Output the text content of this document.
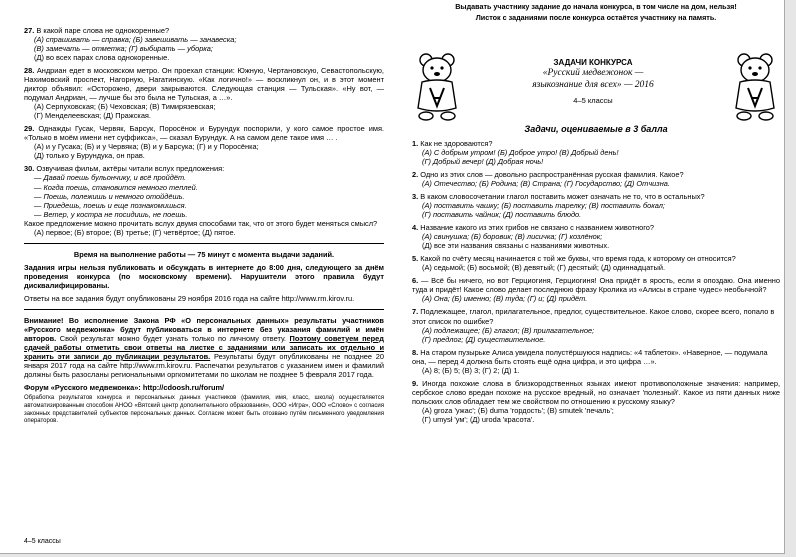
27. В какой паре слова не однокоренные?
(А) спрашивать — справка; (Б) завешивать — занавеска;
(В) замечать — отметка; (Г) выбирать — уборка;
(Д) во всех парах слова однокоренные.
28. Андриан едет в московском метро. Он проехал станции: Южную, Чертановскую, Севастопольскую, Нахимовский проспект, Нагорную, Нагатинскую. «Как логично!» — воскликнул он, и в этот момент диктор объявил: «Осторожно, двери закрываются. Следующая станция — Тульская». «Ну вот, — подумал Андриан, — лучше бы это была не Тульская, а …».
(А) Серпуховская; (Б) Чеховская; (В) Тимирязевская;
(Г) Менделеевская; (Д) Пражская.
29. Однажды Гусак, Червяк, Барсук, Поросёнок и Бурундук поспорили, у кого самое простое имя. «Только в моём имени нет суффикса», — сказал Бурундук. А на самом деле такое имя … .
(А) и у Гусака; (Б) и у Червяка; (В) и у Барсука; (Г) и у Поросёнка;
(Д) только у Бурундука, он прав.
30. Озвучивая фильм, актёры читали вслух предложения:
— Давай поешь бульончику, и всё пройдёт.
— Когда поешь, становится немного теплей.
— Поешь, полежишь и немного отойдёшь.
— Приедешь, поешь и еще познакомишься.
— Ветер, у костра не посидишь, не поешь.
Какое предложение можно прочитать вслух двумя способами так, что от этого будет меняться смысл?
(А) первое; (Б) второе; (В) третье; (Г) четвёртое; (Д) пятое.
Время на выполнение работы — 75 минут с момента выдачи заданий.
Задания игры нельзя публиковать и обсуждать в интернете до 8:00 дня, следующего за днём проведения конкурса (по московскому времени). Нарушители этого правила будут дисквалифицированы.
Ответы на все задания будут опубликованы 29 ноября 2016 года на сайте http://www.rm.kirov.ru.
Внимание! Во исполнение Закона РФ «О персональных данных» результаты участников «Русского медвежонка» будут публиковаться в интернете без указания фамилий и имён авторов. Свой результат можно будет узнать только по личному ответу. Поэтому советуем перед сдачей работы отметить свои ответы на листке с заданиями или записать их отдельно и хранить эти записи до публикации результатов. Результаты будут опубликованы не позднее 20 января 2017 года на сайте http://www.rm.kirov.ru. Распечатки результатов с указанием имен и фамилий должны быть разосланы региональными оргкомитетами по школам не позднее 5 февраля 2017 года.
Форум «Русского медвежонка»: http://cdoosh.ru/forum/
Обработка результатов конкурса и персональных данных участников (фамилия, имя, класс, школа) осуществляется автоматизированным способом АНОО «Вятский центр дополнительного образования», ООО «Игра», ООО «Слово» с согласия законных представителей субъектов персональных данных. Согласие может быть отозвано путём письменного уведомления операторов.
4–5 классы
Выдавать участнику задание до начала конкурса, в том числе на дом, нельзя!
Листок с заданиями после конкурса остаётся участнику на память.
ЗАДАЧИ КОНКУРСА
«Русский медвежонок —
языкознание для всех» — 2016
4–5 классы
Задачи, оцениваемые в 3 балла
1. Как не здороваются?
(А) С добрым утром! (Б) Доброе утро! (В) Добрый день!
(Г) Добрый вечер! (Д) Добрая ночь!
2. Одно из этих слов — довольно распространённая русская фамилия. Какое?
(А) Отечество; (Б) Родина; (В) Страна; (Г) Государство; (Д) Отчизна.
3. В каком словосочетании глагол поставить может означать не то, что в остальных?
(А) поставить чашку; (Б) поставить тарелку; (В) поставить бокал;
(Г) поставить чайник; (Д) поставить блюдо.
4. Название какого из этих грибов не связано с названием животного?
(А) свинушка; (Б) боровик; (В) лисичка; (Г) козлёнок;
(Д) все эти названия связаны с названиями животных.
5. Какой по счёту месяц начинается с той же буквы, что время года, к которому он относится?
(А) седьмой; (Б) восьмой; (В) девятый; (Г) десятый; (Д) одиннадцатый.
6. — Всё бы ничего, но вот Герциогиня, Герциогиня! Она придёт в ярость, если я опоздаю. Она именно туда и придёт! Какое слово делает последнюю фразу Кролика из «Алисы в стране чудес» необычной?
(А) Она; (Б) именно; (В) туда; (Г) и; (Д) придёт.
7. Подлежащее, глагол, прилагательное, предлог, существительное. Какое слово, скорее всего, попало в этот список по ошибке?
(А) подлежащее; (Б) глагол; (В) прилагательное;
(Г) предлог; (Д) существительное.
8. На старом пузырьке Алиса увидела полустёршуюся надпись: «4 таблеток». «Наверное, — подумала она, — перед 4 должна быть стоять ещё одна цифра, и это цифра …».
(А) 8; (Б) 5; (В) 3; (Г) 2; (Д) 1.
9. Иногда похожие слова в близкородственных языках имеют противоположные значения: например, сербское слово вредан похоже на русское вредный, но означает 'полезный'. Какое из пяти данных ниже польских слов обладает тем же свойством по отношению к русскому языку?
(А) groza 'ужас'; (Б) duma 'гордость'; (В) smutek 'печаль';
(Г) umysł 'ум'; (Д) uroda 'красота'.
